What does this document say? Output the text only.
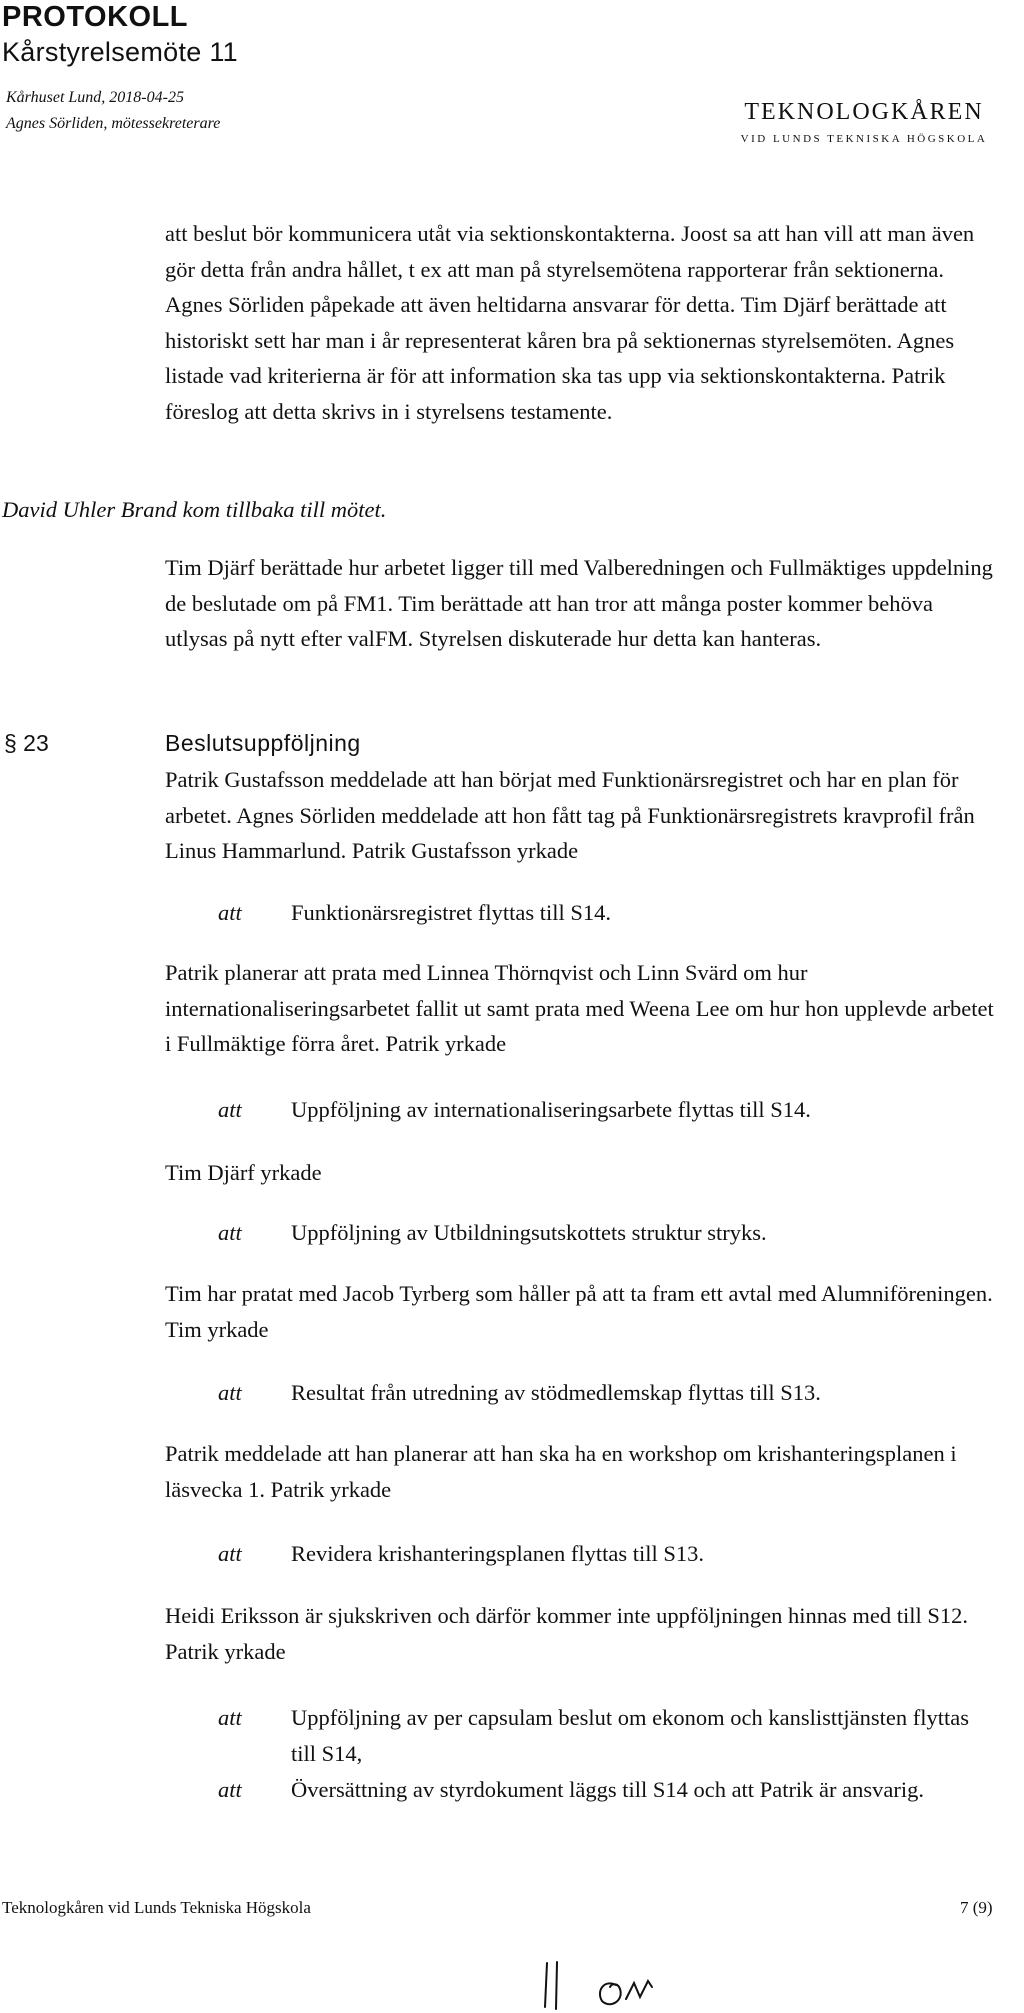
PROTOKOLL
Kårstyrelsemöte 11
Kårhuset Lund, 2018-04-25
Agnes Sörliden, mötessekreterare	TEKNOLOGKÅREN
VID LUNDS TEKNISKA HÖGSKOLA

att beslut bör kommunicera utåt via sektionskontakterna. Joost sa att han vill att man även gör detta från andra hållet, t ex att man på styrelsemötena rapporterar från sektionerna. Agnes Sörliden påpekade att även heltidarna ansvarar för detta. Tim Djärf berättade att historiskt sett har man i år representerat kåren bra på sektionernas styrelsemöten. Agnes listade vad kriterierna är för att information ska tas upp via sektionskontakterna. Patrik föreslog att detta skrivs in i styrelsens testamente.

David Uhler Brand kom tillbaka till mötet.

Tim Djärf berättade hur arbetet ligger till med Valberedningen och Fullmäktiges uppdelning de beslutade om på FM1. Tim berättade att han tror att många poster kommer behöva utlysas på nytt efter valFM. Styrelsen diskuterade hur detta kan hanteras.

§ 23	Beslutsuppföljning

Patrik Gustafsson meddelade att han börjat med Funktionärsregistret och har en plan för arbetet. Agnes Sörliden meddelade att hon fått tag på Funktionärsregistrets kravprofil från Linus Hammarlund. Patrik Gustafsson yrkade

att	Funktionärsregistret flyttas till S14.

Patrik planerar att prata med Linnea Thörnqvist och Linn Svärd om hur internationaliseringsarbetet fallit ut samt prata med Weena Lee om hur hon upplevde arbetet i Fullmäktige förra året. Patrik yrkade

att	Uppföljning av internationaliseringsarbete flyttas till S14.

Tim Djärf yrkade

att	Uppföljning av Utbildningsutskottets struktur stryks.

Tim har pratat med Jacob Tyrberg som håller på att ta fram ett avtal med Alumniföreningen. Tim yrkade

att	Resultat från utredning av stödmedlemskap flyttas till S13.

Patrik meddelade att han planerar att han ska ha en workshop om krishanteringsplanen i läsvecka 1. Patrik yrkade

att	Revidera krishanteringsplanen flyttas till S13.

Heidi Eriksson är sjukskriven och därför kommer inte uppföljningen hinnas med till S12. Patrik yrkade

att	Uppföljning av per capsulam beslut om ekonom och kanslisttjänsten flyttas till S14,
att	Översättning av styrdokument läggs till S14 och att Patrik är ansvarig.
Teknologkåren vid Lunds Tekniska Högskola	7 (9)
